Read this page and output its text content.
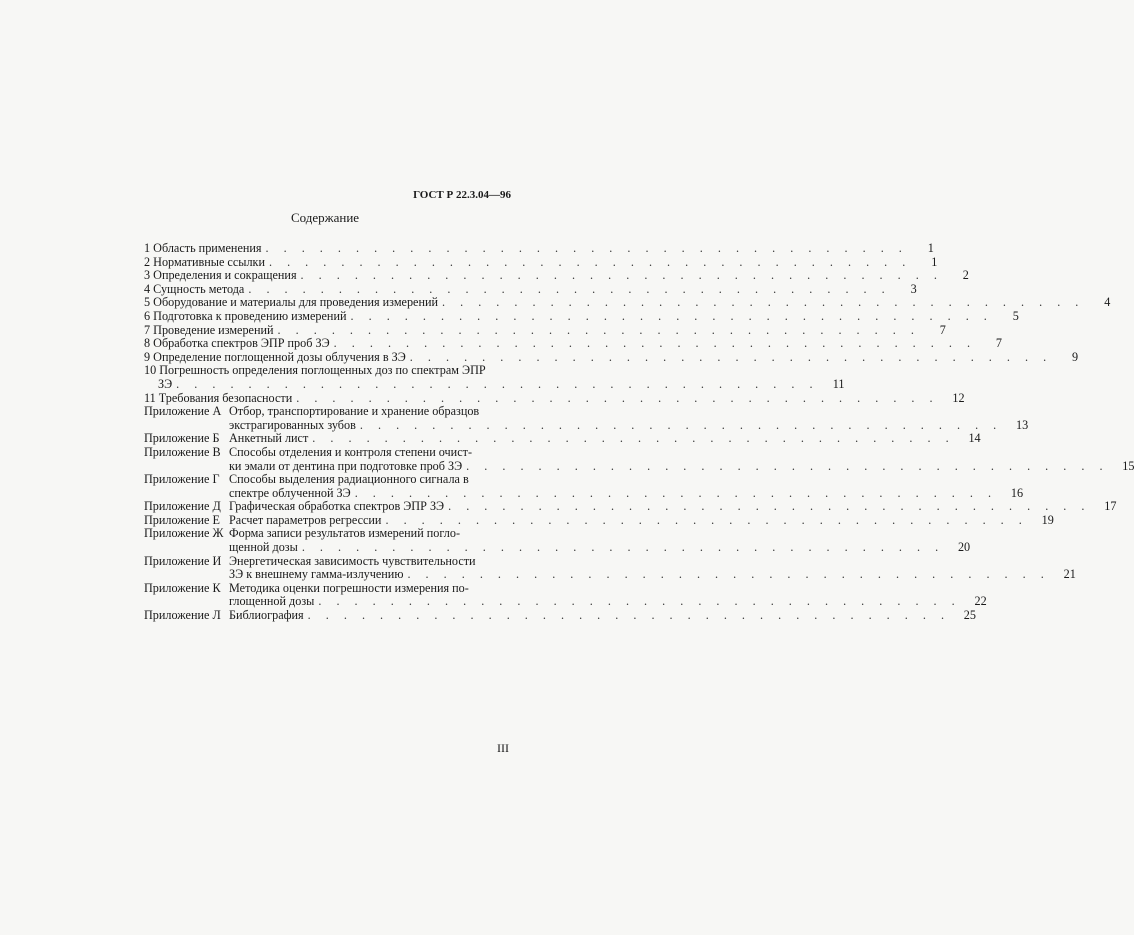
ГОСТ Р 22.3.04—96
Содержание
1 Область применения . . . . . . . . . . . . . . . . . . . . . . . . . . . . . . . . . . . .	1
2 Нормативные ссылки . . . . . . . . . . . . . . . . . . . . . . . . . . . . . . . . . . . .	1
3 Определения и сокращения . . . . . . . . . . . . . . . . . . . . . . . . . . . . . . . . . . . .	2
4 Сущность метода . . . . . . . . . . . . . . . . . . . . . . . . . . . . . . . . . . . .	3
5 Оборудование и материалы для проведения измерений . . . . . . . . . . . . . . . . . . . . . . . . . . . . . . . . . . . .	4
6 Подготовка к проведению измерений . . . . . . . . . . . . . . . . . . . . . . . . . . . . . . . . . . . .	5
7 Проведение измерений . . . . . . . . . . . . . . . . . . . . . . . . . . . . . . . . . . . .	7
8 Обработка спектров ЭПР проб ЗЭ . . . . . . . . . . . . . . . . . . . . . . . . . . . . . . . . . . . .	7
9 Определение поглощенной дозы облучения в ЗЭ . . . . . . . . . . . . . . . . . . . . . . . . . . . . . . . . . . . .	9
10 Погрешность определения поглощенных доз по спектрам ЭПР
ЗЭ . . . . . . . . . . . . . . . . . . . . . . . . . . . . . . . . . . . .	11
11 Требования безопасности . . . . . . . . . . . . . . . . . . . . . . . . . . . . . . . . . . . .	12
Приложение А Отбор, транспортирование и хранение образцов
экстрагированных зубов . . . . . . . . . . . . . . . . . . . . . . . . . . . . . . . . . . . .	13
Приложение Б Анкетный лист . . . . . . . . . . . . . . . . . . . . . . . . . . . . . . . . . . . .	14
Приложение В Способы отделения и контроля степени очист-
ки эмали от дентина при подготовке проб ЗЭ . . . . . . . . . . . . . . . . . . . . . . . . . . . . . . . . . . . .	15
Приложение Г Способы выделения радиационного сигнала в
спектре облученной ЗЭ . . . . . . . . . . . . . . . . . . . . . . . . . . . . . . . . . . . .	16
Приложение Д Графическая обработка спектров ЭПР ЗЭ . . . . . . . . . . . . . . . . . . . . . . . . . . . . . . . . . . . .	17
Приложение Е Расчет параметров регрессии . . . . . . . . . . . . . . . . . . . . . . . . . . . . . . . . . . . .	19
Приложение Ж Форма записи результатов измерений погло-
щенной дозы . . . . . . . . . . . . . . . . . . . . . . . . . . . . . . . . . . . .	20
Приложение И Энергетическая зависимость чувствительности
ЗЭ к внешнему гамма-излучению . . . . . . . . . . . . . . . . . . . . . . . . . . . . . . . . . . . .	21
Приложение К Методика оценки погрешности измерения по-
глощенной дозы . . . . . . . . . . . . . . . . . . . . . . . . . . . . . . . . . . . .	22
Приложение Л Библиография . . . . . . . . . . . . . . . . . . . . . . . . . . . . . . . . . . . .	25
III
